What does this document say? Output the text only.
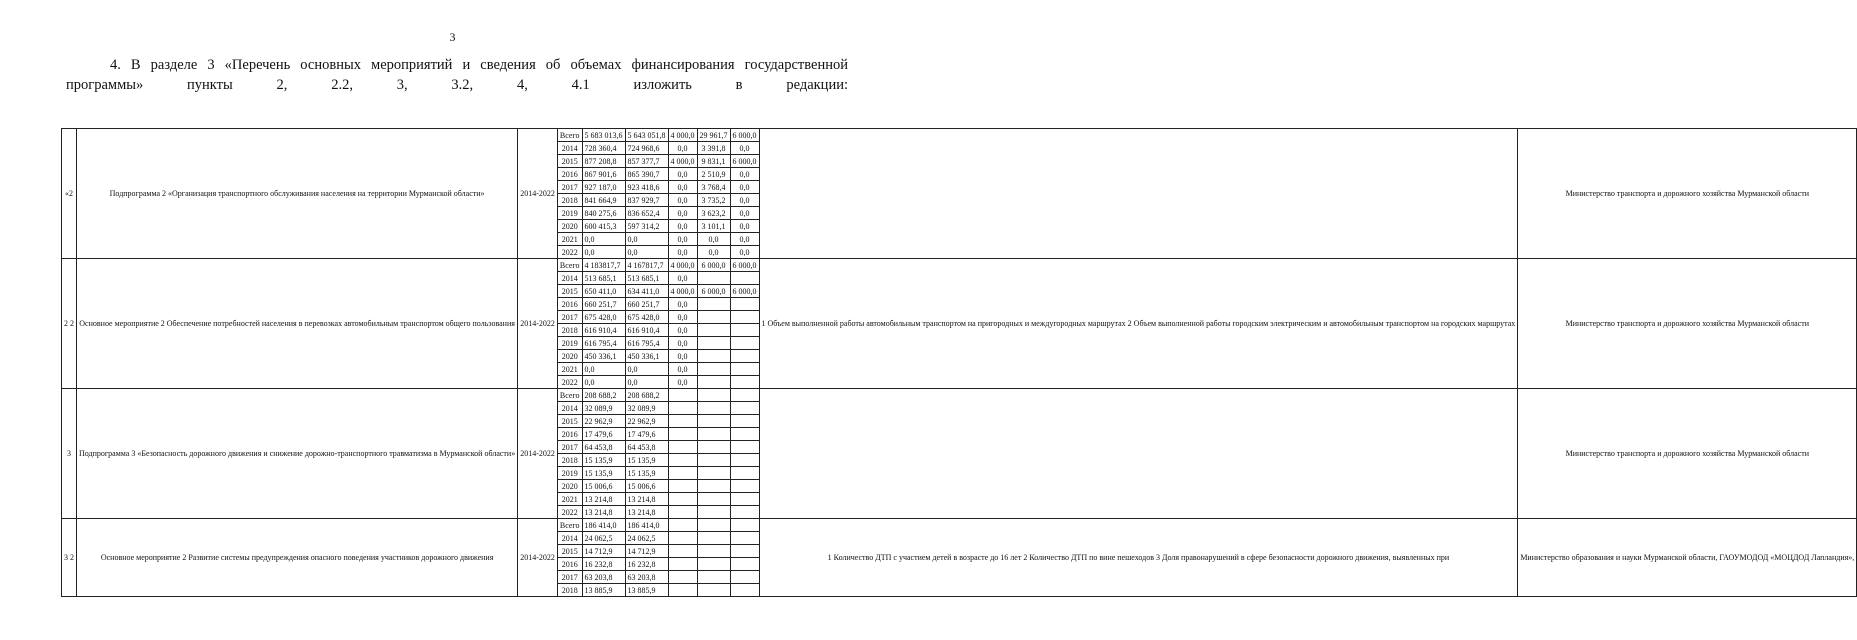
3
4. В разделе 3 «Перечень основных мероприятий и сведения об объемах финансирования государственной программы» пункты 2, 2.2, 3, 3.2, 4, 4.1 изложить в редакции:
«2	Подпрограмма 2 «Организация транспортного обслуживания населения на территории Мурманской области»	2014-2022	Всего	5 683 013,6	5 643 051,8	4 000,0	29 961,7	6 000,0		Министерство транспорта и дорожного хозяйства Мурманской области
			2014	728 360,4	724 968,6	0,0	3 391,8	0,0		
			2015	877 208,8	857 377,7	4 000,0	9 831,1	6 000,0		
			2016	867 901,6	865 390,7	0,0	2 510,9	0,0		
			2017	927 187,0	923 418,6	0,0	3 768,4	0,0		
			2018	841 664,9	837 929,7	0,0	3 735,2	0,0		
			2019	840 275,6	836 652,4	0,0	3 623,2	0,0		
			2020	600 415,3	597 314,2	0,0	3 101,1	0,0		
			2021	0,0	0,0	0,0	0,0	0,0		
			2022	0,0	0,0	0,0	0,0	0,0		
2 2	Основное мероприятие 2 Обеспечение потребностей населения в перевозках автомобильным транспортом общего пользования	2014-2022	Всего	4 183817,7	4 167817,7	4 000,0	6 000,0	6 000,0	1 Объем выполненной работы автомобильным транспортом на пригородных и междугородных маршрутах 2 Объем выполненной работы городским электрическим и автомобильным транспортом на городских маршрутах	Министерство транспорта и дорожного хозяйства Мурманской области
			2014	513 685,1	513 685,1	0,0				
			2015	650 411,0	634 411,0	4 000,0	6 000,0	6 000,0		
			2016	660 251,7	660 251,7	0,0				
			2017	675 428,0	675 428,0	0,0				
			2018	616 910,4	616 910,4	0,0				
			2019	616 795,4	616 795,4	0,0				
			2020	450 336,1	450 336,1	0,0				
			2021	0,0	0,0	0,0				
			2022	0,0	0,0	0,0				
3	Подпрограмма 3 «Безопасность дорожного движения и снижение дорожно-транспортного травматизма в Мурманской области»	2014-2022	Всего	208 688,2	208 688,2					Министерство транспорта и дорожного хозяйства Мурманской области
			2014	32 089,9	32 089,9					
			2015	22 962,9	22 962,9					
			2016	17 479,6	17 479,6					
			2017	64 453,8	64 453,8					
			2018	15 135,9	15 135,9					
			2019	15 135,9	15 135,9					
			2020	15 006,6	15 006,6					
			2021	13 214,8	13 214,8					
			2022	13 214,8	13 214,8					
3 2	Основное мероприятие 2 Развитие системы предупреждения опасного поведения участников дорожного движения	2014-2022	Всего	186 414,0	186 414,0				1 Количество ДТП с участием детей в возрасте до 16 лет 2 Количество ДТП по вине пешеходов 3 Доля правонарушений в сфере безопасности дорожного движения, выявленных при	Министерство образования и науки Мурманской области, ГАОУМОДОД «МОЦДОД Лапландия»,
			2014	24 062,5	24 062,5					
			2015	14 712,9	14 712,9					
			2016	16 232,8	16 232,8					
			2017	63 203,8	63 203,8					
			2018	13 885,9	13 885,9					
